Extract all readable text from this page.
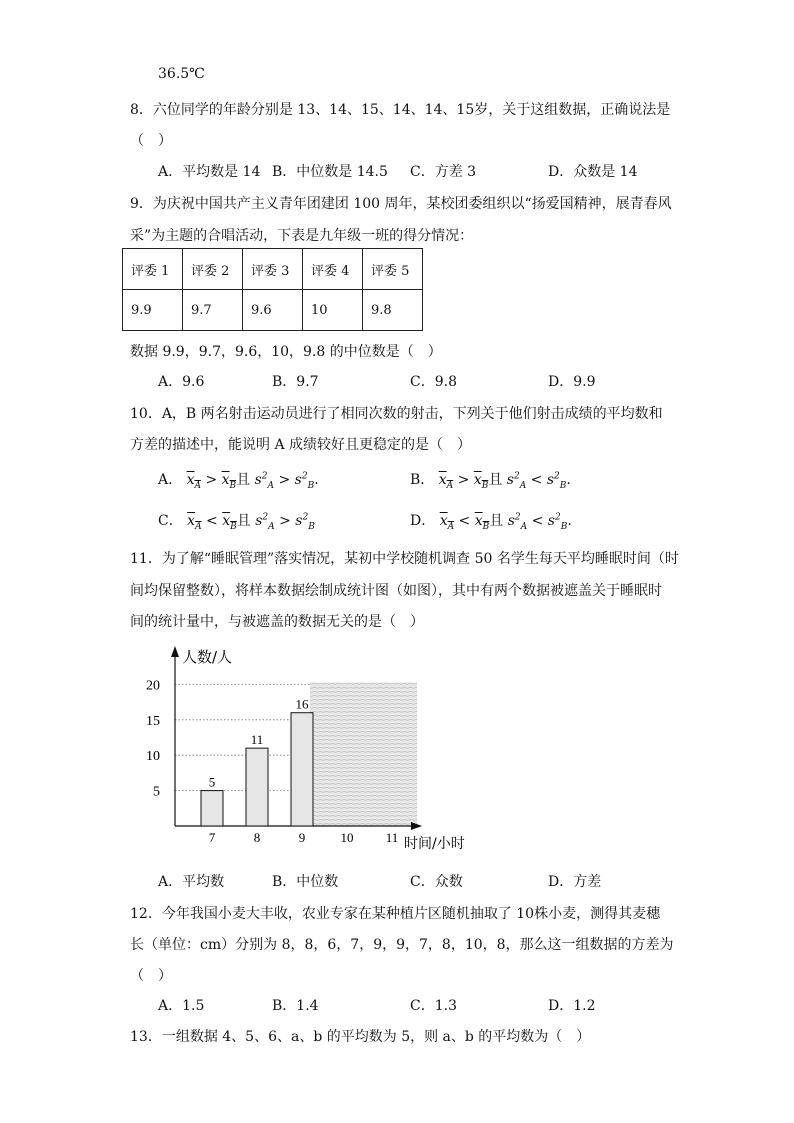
36.5℃
8．六位同学的年龄分别是 13、14、15、14、14、15岁，关于这组数据，正确说法是
（　）
A．平均数是 14 B．中位数是 14.5 C．方差 3	D．众数是 14
9．为庆祝中国共产主义青年团建团 100 周年，某校团委组织以“扬爱国精神，展青春风
采”为主题的合唱活动，下表是九年级一班的得分情况：
评委 1	评委 2	评委 3	评委 4	评委 5
9.9	9.7	9.6	10	9.8
数据 9.9，9.7，9.6，10，9.8 的中位数是（　）
A．9.6	B．9.7	C．9.8	D．9.9
10．A，B 两名射击运动员进行了相同次数的射击，下列关于他们射击成绩的平均数和
方差的描述中，能说明 A 成绩较好且更稳定的是（　）
A． $x_A > x_B$且 $s^2_A > s^2_B$.	B． $x_A > x_B$且 $s^2_A < s^2_B$.
C． $x_A < x_B$且 $s^2_A > s^2_B$	D． $x_A < x_B$且 $s^2_A < s^2_B$.
11．为了解“睡眠管理”落实情况，某初中学校随机调查 50 名学生每天平均睡眠时间（时
间均保留整数），将样本数据绘制成统计图（如图），其中有两个数据被遮盖关于睡眠时
间的统计量中，与被遮盖的数据无关的是（　）
人数/人
时间/小时
5
10
15
20
5
11
16
7	8	9	10 11
A．平均数	B．中位数	C．众数	D．方差
12．今年我国小麦大丰收，农业专家在某种植片区随机抽取了 10株小麦，测得其麦穗
长（单位：cm）分别为 8，8，6，7，9，9，7，8，10，8，那么这一组数据的方差为
（　）
A．1.5	B．1.4	C．1.3	D．1.2
13．一组数据 4、5、6、a、b 的平均数为 5，则 a、b 的平均数为（　）
